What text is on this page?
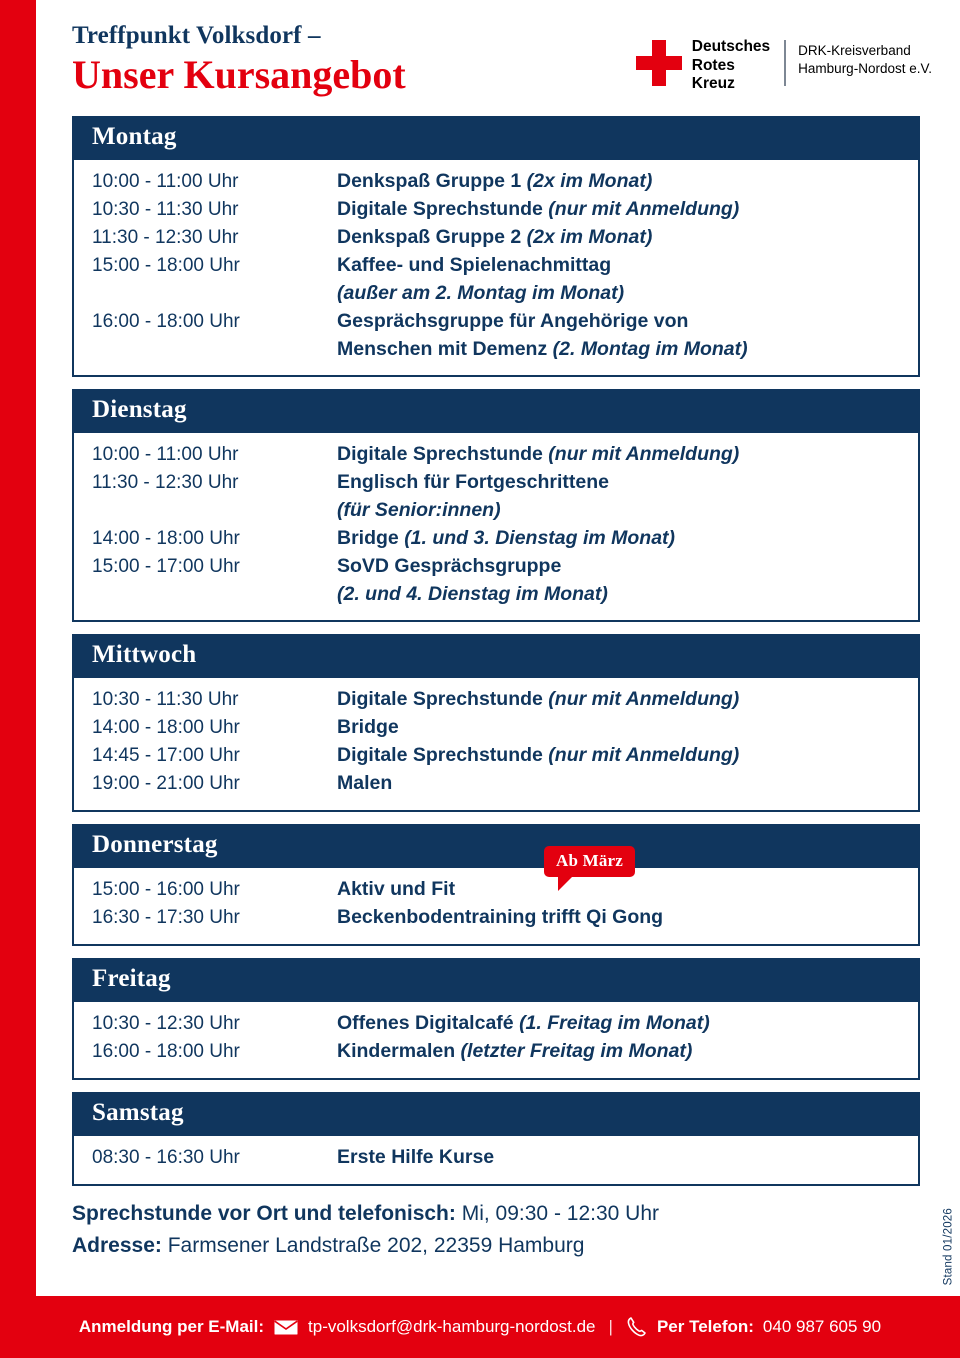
Treffpunkt Volksdorf –
Unser Kursangebot
Deutsches
Rotes
Kreuz
DRK-Kreisverband
Hamburg-Nordost e.V.
Montag
10:00 - 11:00 Uhr	Denkspaß Gruppe 1 (2x im Monat)
10:30 - 11:30 Uhr	Digitale Sprechstunde (nur mit Anmeldung)
11:30 - 12:30 Uhr	Denkspaß Gruppe 2 (2x im Monat)
15:00 - 18:00 Uhr	Kaffee- und Spielenachmittag
(außer am 2. Montag im Monat)
16:00 - 18:00 Uhr	Gesprächsgruppe für Angehörige von
Menschen mit Demenz (2. Montag im Monat)
Dienstag
10:00 - 11:00 Uhr	Digitale Sprechstunde (nur mit Anmeldung)
11:30 - 12:30 Uhr	Englisch für Fortgeschrittene
(für Senior:innen)
14:00 - 18:00 Uhr	Bridge (1. und 3. Dienstag im Monat)
15:00 - 17:00 Uhr	SoVD Gesprächsgruppe
(2. und 4. Dienstag im Monat)
Mittwoch
10:30 - 11:30 Uhr	Digitale Sprechstunde (nur mit Anmeldung)
14:00 - 18:00 Uhr	Bridge
14:45 - 17:00 Uhr	Digitale Sprechstunde (nur mit Anmeldung)
19:00 - 21:00 Uhr	Malen
Donnerstag
Ab März
15:00 - 16:00 Uhr	Aktiv und Fit
16:30 - 17:30 Uhr	Beckenbodentraining trifft Qi Gong
Freitag
10:30 - 12:30 Uhr	Offenes Digitalcafé (1. Freitag im Monat)
16:00 - 18:00 Uhr	Kindermalen (letzter Freitag im Monat)
Samstag
08:30 - 16:30 Uhr	Erste Hilfe Kurse
Sprechstunde vor Ort und telefonisch: Mi, 09:30 - 12:30 Uhr
Adresse: Farmsener Landstraße 202, 22359 Hamburg	Stand 01/2026
Anmeldung per E-Mail:	tp-volksdorf@drk-hamburg-nordost.de |	Per Telefon: 040 987 605 90
